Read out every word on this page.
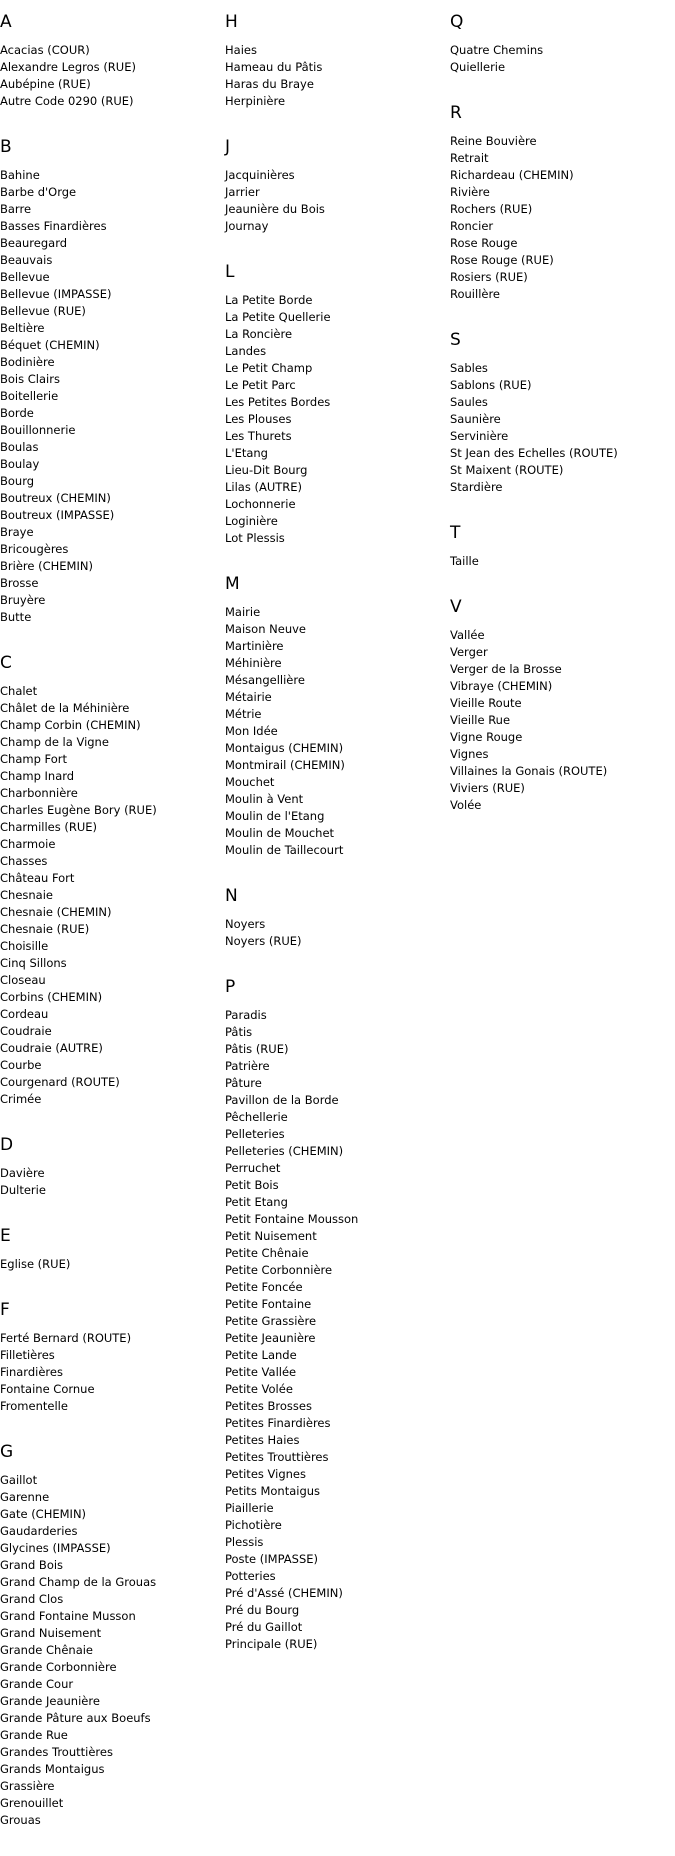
A
Acacias (COUR)
Alexandre Legros (RUE)
Aubépine (RUE)
Autre Code 0290 (RUE)
B
Bahine
Barbe d'Orge
Barre
Basses Finardières
Beauregard
Beauvais
Bellevue
Bellevue (IMPASSE)
Bellevue (RUE)
Beltière
Béquet (CHEMIN)
Bodinière
Bois Clairs
Boitellerie
Borde
Bouillonnerie
Boulas
Boulay
Bourg
Boutreux (CHEMIN)
Boutreux (IMPASSE)
Braye
Bricougères
Brière (CHEMIN)
Brosse
Bruyère
Butte
C
Chalet
Châlet de la Méhinière
Champ Corbin (CHEMIN)
Champ de la Vigne
Champ Fort
Champ Inard
Charbonnière
Charles Eugène Bory (RUE)
Charmilles (RUE)
Charmoie
Chasses
Château Fort
Chesnaie
Chesnaie (CHEMIN)
Chesnaie (RUE)
Choisille
Cinq Sillons
Closeau
Corbins (CHEMIN)
Cordeau
Coudraie
Coudraie (AUTRE)
Courbe
Courgenard (ROUTE)
Crimée
D
Davière
Dulterie
E
Eglise (RUE)
F
Ferté Bernard (ROUTE)
Filletières
Finardières
Fontaine Cornue
Fromentelle
G
Gaillot
Garenne
Gate (CHEMIN)
Gaudarderies
Glycines (IMPASSE)
Grand Bois
Grand Champ de la Grouas
Grand Clos
Grand Fontaine Musson
Grand Nuisement
Grande Chênaie
Grande Corbonnière
Grande Cour
Grande Jeaunière
Grande Pâture aux Boeufs
Grande Rue
Grandes Trouttières
Grands Montaigus
Grassière
Grenouillet
Grouas
H
Haies
Hameau du Pâtis
Haras du Braye
Herpinière
J
Jacquinières
Jarrier
Jeaunière du Bois
Journay
L
La Petite Borde
La Petite Quellerie
La Roncière
Landes
Le Petit Champ
Le Petit Parc
Les Petites Bordes
Les Plouses
Les Thurets
L'Etang
Lieu-Dit Bourg
Lilas (AUTRE)
Lochonnerie
Loginière
Lot Plessis
M
Mairie
Maison Neuve
Martinière
Méhinière
Mésangellière
Métairie
Métrie
Mon Idée
Montaigus (CHEMIN)
Montmirail (CHEMIN)
Mouchet
Moulin à Vent
Moulin de l'Etang
Moulin de Mouchet
Moulin de Taillecourt
N
Noyers
Noyers (RUE)
P
Paradis
Pâtis
Pâtis (RUE)
Patrière
Pâture
Pavillon de la Borde
Pêchellerie
Pelleteries
Pelleteries (CHEMIN)
Perruchet
Petit Bois
Petit Etang
Petit Fontaine Mousson
Petit Nuisement
Petite Chênaie
Petite Corbonnière
Petite Foncée
Petite Fontaine
Petite Grassière
Petite Jeaunière
Petite Lande
Petite Vallée
Petite Volée
Petites Brosses
Petites Finardières
Petites Haies
Petites Trouttières
Petites Vignes
Petits Montaigus
Piaillerie
Pichotière
Plessis
Poste (IMPASSE)
Potteries
Pré d'Assé (CHEMIN)
Pré du Bourg
Pré du Gaillot
Principale (RUE)
Q
Quatre Chemins
Quiellerie
R
Reine Bouvière
Retrait
Richardeau (CHEMIN)
Rivière
Rochers (RUE)
Roncier
Rose Rouge
Rose Rouge (RUE)
Rosiers (RUE)
Rouillère
S
Sables
Sablons (RUE)
Saules
Saunière
Servinière
St Jean des Echelles (ROUTE)
St Maixent (ROUTE)
Stardière
T
Taille
V
Vallée
Verger
Verger de la Brosse
Vibraye (CHEMIN)
Vieille Route
Vieille Rue
Vigne Rouge
Vignes
Villaines la Gonais (ROUTE)
Viviers (RUE)
Volée
